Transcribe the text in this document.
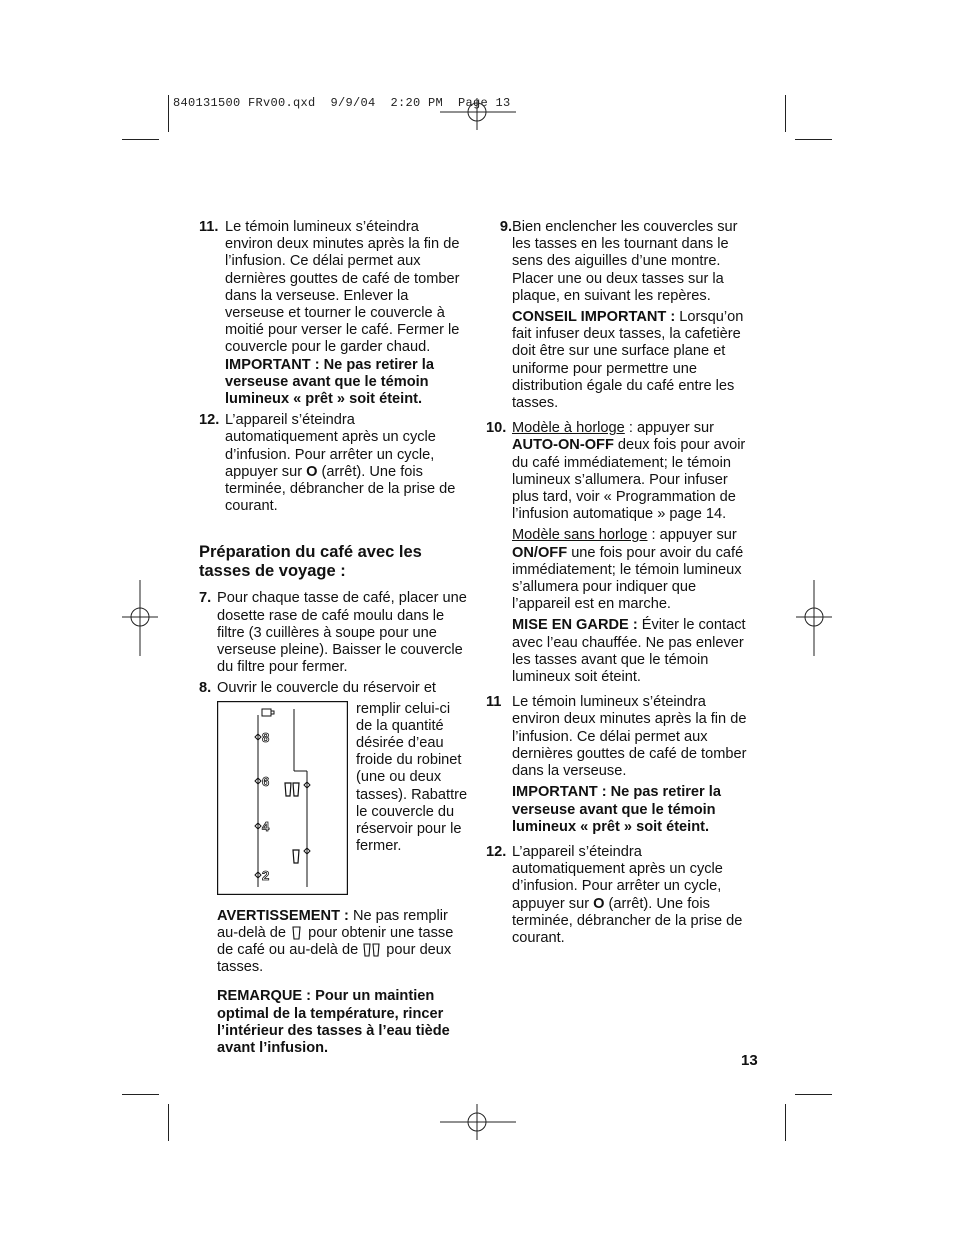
840131500 FRv00.qxd  9/9/04  2:20 PM  Page 13
11. Le témoin lumineux s’éteindra environ deux minutes après la fin de l’infusion. Ce délai permet aux dernières gouttes de café de tomber dans la verseuse. Enlever la verseuse et tourner le couvercle à moitié pour verser le café. Fermer le couvercle pour le garder chaud.
IMPORTANT : Ne pas retirer la verseuse avant que le témoin lumineux « prêt » soit éteint.
12. L’appareil s’éteindra automatiquement après un cycle d’infusion. Pour arrêter un cycle, appuyer sur O (arrêt). Une fois terminée, débrancher de la prise de courant.
Préparation du café avec les tasses de voyage :
7. Pour chaque tasse de café, placer une dosette rase de café moulu dans le filtre (3 cuillères à soupe pour une verseuse pleine). Baisser le couvercle du filtre pour fermer.
8. Ouvrir le couvercle du réservoir et
8
6
4
2
remplir celui-ci de la quantité désirée d’eau froide du robinet (une ou deux tasses). Rabattre le couvercle du réservoir pour le fermer.
AVERTISSEMENT : Ne pas remplir au-delà de  pour obtenir une tasse de café ou au-delà de  pour deux tasses.
REMARQUE : Pour un maintien optimal de la température, rincer l’intérieur des tasses à l’eau tiède avant l’infusion.
9. Bien enclencher les couvercles sur les tasses en les tournant dans le sens des aiguilles d’une montre. Placer une ou deux tasses sur la plaque, en suivant les repères.
CONSEIL IMPORTANT : Lorsqu’on fait infuser deux tasses, la cafetière doit être sur une surface plane et uniforme pour permettre une distribution égale du café entre les tasses.
10. Modèle à horloge : appuyer sur AUTO-ON-OFF deux fois pour avoir du café immédiatement; le témoin lumineux s’allumera. Pour infuser plus tard, voir « Programmation de l’infusion automatique » page 14.
Modèle sans horloge : appuyer sur ON/OFF une fois pour avoir du café immédiatement; le témoin lumineux s’allumera pour indiquer que l’appareil est en marche.
MISE EN GARDE : Éviter le contact avec l’eau chauffée. Ne pas enlever les tasses avant que le témoin lumineux soit éteint.
11 Le témoin lumineux s’éteindra environ deux minutes après la fin de l’infusion. Ce délai permet aux dernières gouttes de café de tomber dans la verseuse.
IMPORTANT : Ne pas retirer la verseuse avant que le témoin lumineux « prêt » soit éteint.
12. L’appareil s’éteindra automatiquement après un cycle d’infusion. Pour arrêter un cycle, appuyer sur O (arrêt). Une fois terminée, débrancher de la prise de courant.
13
